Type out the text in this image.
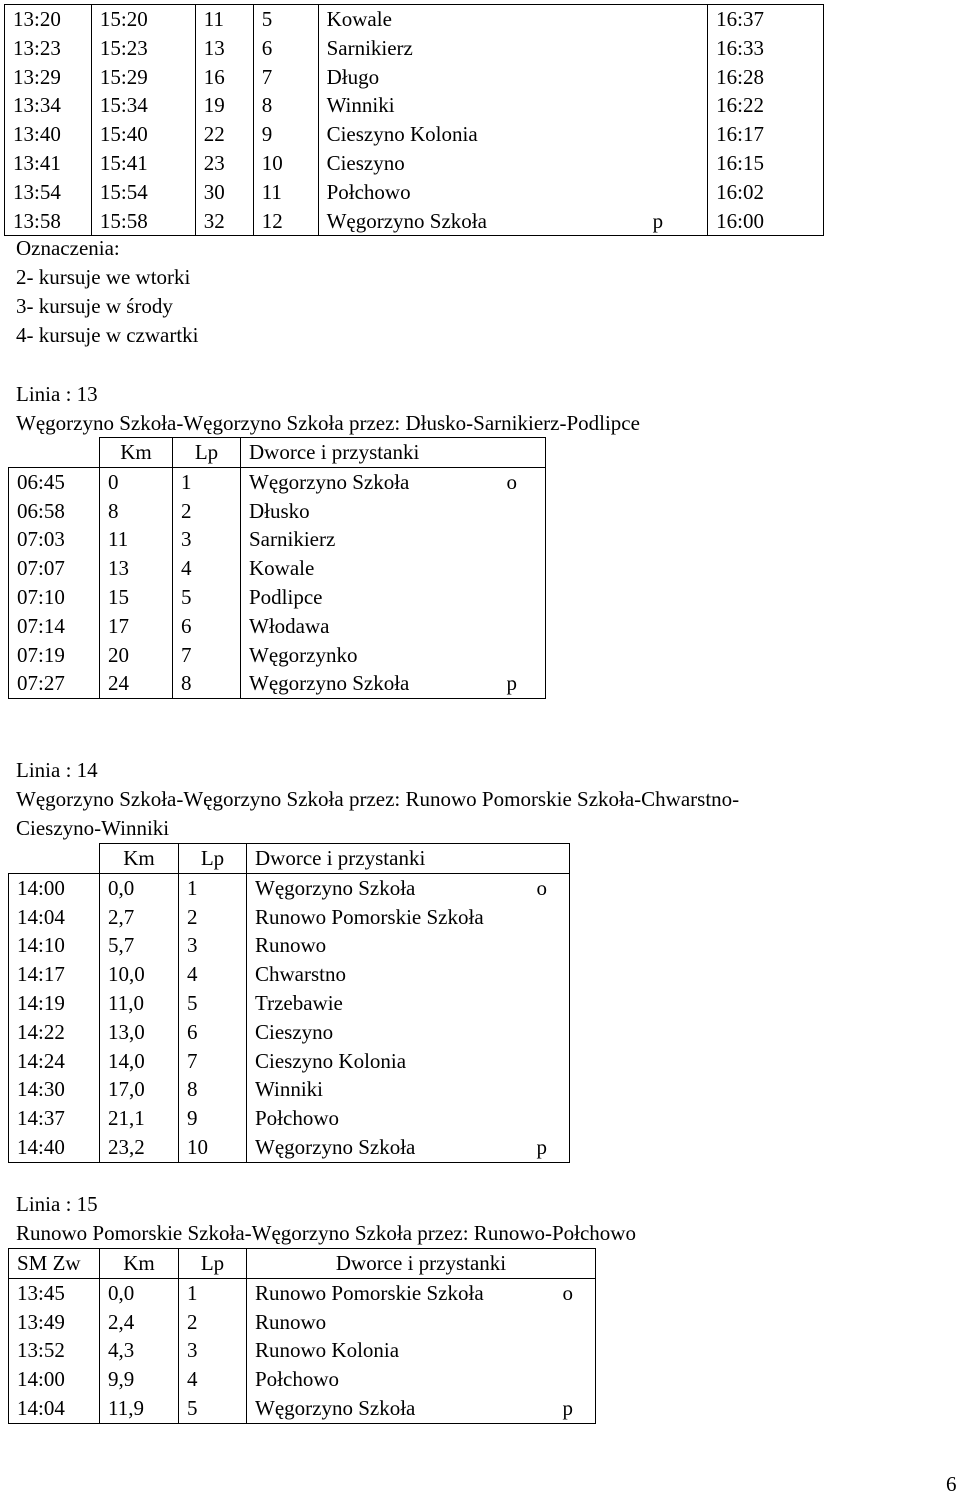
13:20	15:20	11	5	Kowale	16:37
13:23	15:23	13	6	Sarnikierz	16:33
13:29	15:29	16	7	Długo	16:28
13:34	15:34	19	8	Winniki	16:22
13:40	15:40	22	9	Cieszyno Kolonia	16:17
13:41	15:41	23	10	Cieszyno	16:15
13:54	15:54	30	11	Połchowo	16:02
13:58	15:58	32	12	Węgorzyno Szkoła p	16:00
Oznaczenia:
2- kursuje we wtorki
3- kursuje w środy
4- kursuje w czwartki
Linia : 13
Węgorzyno Szkoła-Węgorzyno Szkoła przez: Dłusko-Sarnikierz-Podlipce
	Km	Lp	Dworce i przystanki
06:45	0	1	Węgorzyno Szkoła o

06:58	8	2	Dłusko

07:03	11	3	Sarnikierz

07:07	13	4	Kowale

07:10	15	5	Podlipce

07:14	17	6	Włodawa

07:19	20	7	Węgorzynko

07:27	24	8	Węgorzyno Szkoła p
Linia : 14
Węgorzyno Szkoła-Węgorzyno Szkoła przez: Runowo Pomorskie Szkoła-Chwarstno-
Cieszyno-Winniki
	Km	Lp	Dworce i przystanki
14:00	0,0	1	Węgorzyno Szkoła o

14:04	2,7	2	Runowo Pomorskie Szkoła

14:10	5,7	3	Runowo

14:17	10,0	4	Chwarstno

14:19	11,0	5	Trzebawie

14:22	13,0	6	Cieszyno

14:24	14,0	7	Cieszyno Kolonia

14:30	17,0	8	Winniki

14:37	21,1	9	Połchowo

14:40	23,2	10	Węgorzyno Szkoła p
Linia : 15
Runowo Pomorskie Szkoła-Węgorzyno Szkoła przez: Runowo-Połchowo
SM Zw	Km	Lp	Dworce i przystanki
13:45	0,0	1	Runowo Pomorskie Szkoła o

13:49	2,4	2	Runowo

13:52	4,3	3	Runowo Kolonia

14:00	9,9	4	Połchowo

14:04	11,9	5	Węgorzyno Szkoła p
6
